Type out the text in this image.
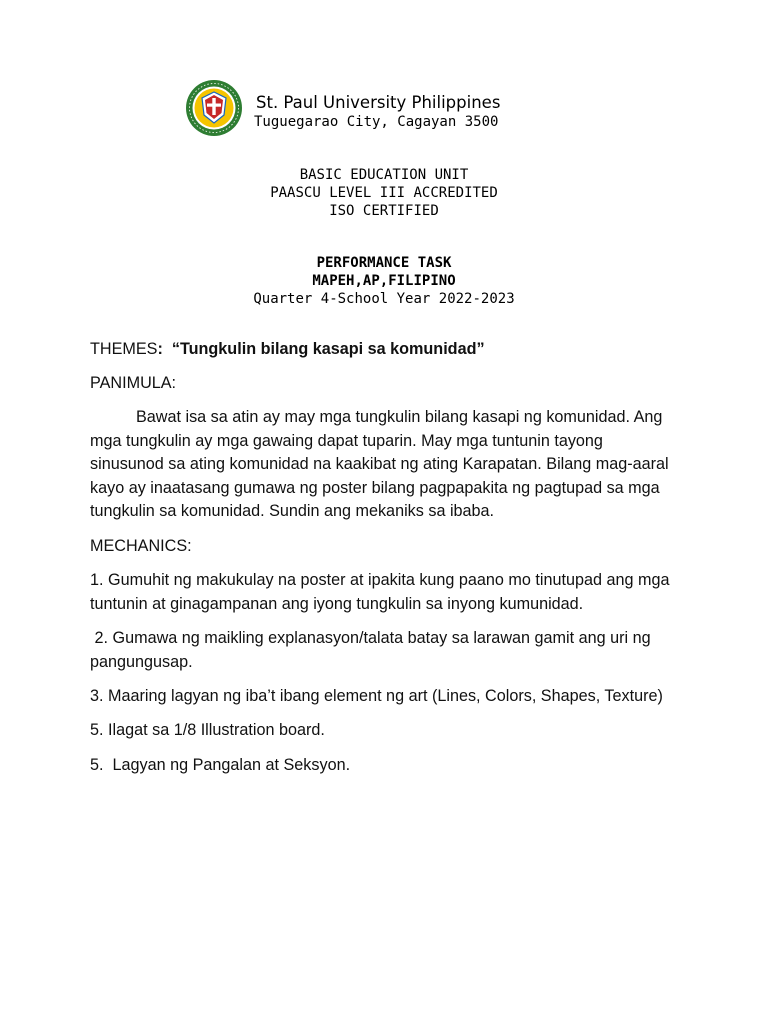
St. Paul University Philippines
Tuguegarao City, Cagayan 3500
BASIC EDUCATION UNIT
PAASCU LEVEL III ACCREDITED
ISO CERTIFIED
PERFORMANCE TASK
MAPEH,AP,FILIPINO
Quarter 4-School Year 2022-2023
THEMES: “Tungkulin bilang kasapi sa komunidad”
PANIMULA:
Bawat isa sa atin ay may mga tungkulin bilang kasapi ng komunidad. Ang
mga tungkulin ay mga gawaing dapat tuparin. May mga tuntunin tayong
sinusunod sa ating komunidad na kaakibat ng ating Karapatan. Bilang mag-aaral
kayo ay inaatasang gumawa ng poster bilang pagpapakita ng pagtupad sa mga
tungkulin sa komunidad. Sundin ang mekaniks sa ibaba.
MECHANICS:
1. Gumuhit ng makukulay na poster at ipakita kung paano mo tinutupad ang mga
tuntunin at ginagampanan ang iyong tungkulin sa inyong kumunidad.
2. Gumawa ng maikling explanasyon/talata batay sa larawan gamit ang uri ng
pangungusap.
3. Maaring lagyan ng iba’t ibang element ng art (Lines, Colors, Shapes, Texture)
5. Ilagat sa 1/8 Illustration board.
5.  Lagyan ng Pangalan at Seksyon.
